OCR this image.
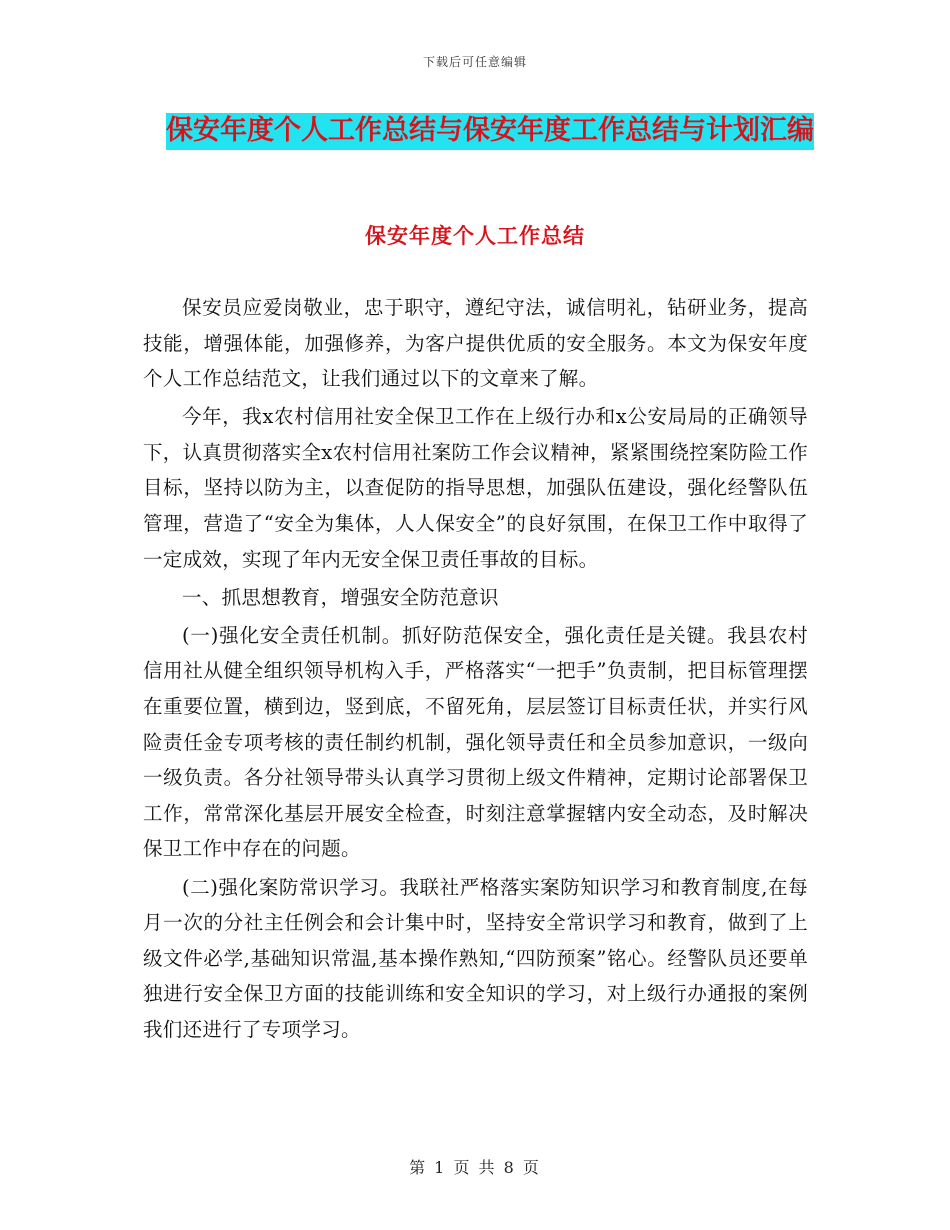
下载后可任意编辑
保安年度个人工作总结与保安年度工作总结与计划汇编
保安年度个人工作总结

保安员应爱岗敬业，忠于职守，遵纪守法，诚信明礼，钻研业务，提高技能，增强体能，加强修养，为客户提供优质的安全服务。本文为保安年度个人工作总结范文，让我们通过以下的文章来了解。

今年，我x农村信用社安全保卫工作在上级行办和x公安局局的正确领导下，认真贯彻落实全x农村信用社案防工作会议精神，紧紧围绕控案防险工作目标，坚持以防为主，以查促防的指导思想，加强队伍建设，强化经警队伍管理，营造了“安全为集体，人人保安全”的良好氛围，在保卫工作中取得了一定成效，实现了年内无安全保卫责任事故的目标。

一、抓思想教育，增强安全防范意识

(一)强化安全责任机制。抓好防范保安全，强化责任是关键。我县农村信用社从健全组织领导机构入手，严格落实“一把手”负责制，把目标管理摆在重要位置，横到边，竖到底，不留死角，层层签订目标责任状，并实行风险责任金专项考核的责任制约机制，强化领导责任和全员参加意识，一级向一级负责。各分社领导带头认真学习贯彻上级文件精神，定期讨论部署保卫工作，常常深化基层开展安全检查，时刻注意掌握辖内安全动态，及时解决保卫工作中存在的问题。

(二)强化案防常识学习。我联社严格落实案防知识学习和教育制度,在每月一次的分社主任例会和会计集中时，坚持安全常识学习和教育，做到了上级文件必学,基础知识常温,基本操作熟知,“四防预案”铭心。经警队员还要单独进行安全保卫方面的技能训练和安全知识的学习，对上级行办通报的案例我们还进行了专项学习。

第 1 页 共 8 页
